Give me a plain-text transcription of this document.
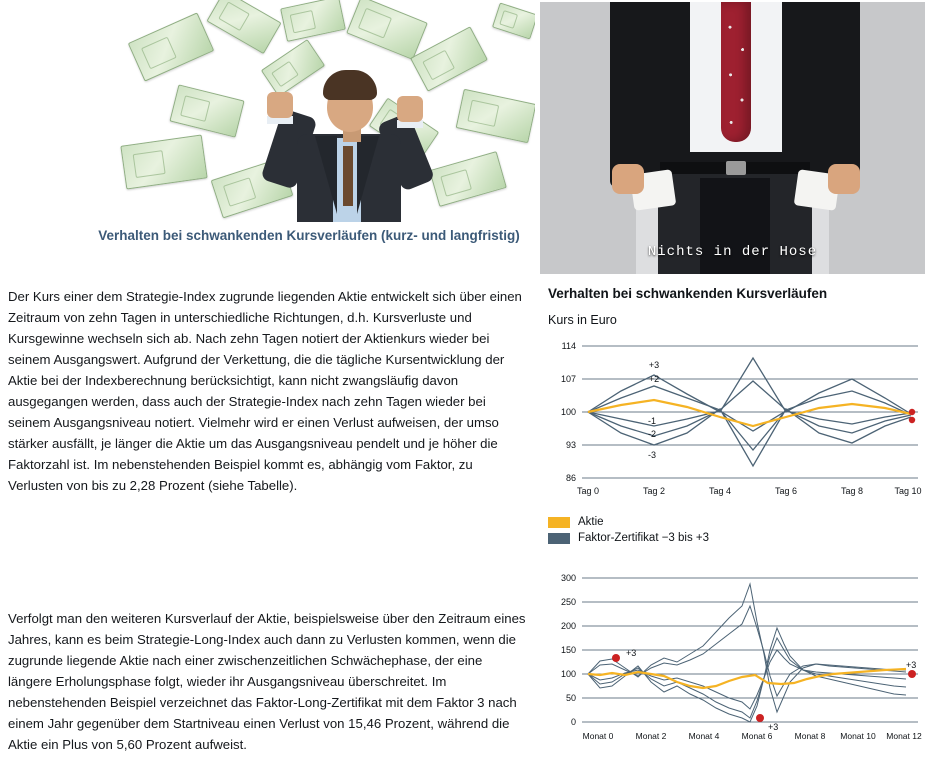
Verhalten bei schwankenden Kursverläufen (kurz- und langfristig)

Der Kurs einer dem Strategie-Index zugrunde liegenden Aktie entwickelt sich über einen Zeitraum von zehn Tagen in unterschiedliche Richtungen, d.h. Kursverluste und Kursgewinne wechseln sich ab. Nach zehn Tagen notiert der Aktienkurs wieder bei seinem Ausgangswert. Aufgrund der Verkettung, die die tägliche Kursentwicklung der Aktie bei der Indexberechnung berücksichtigt, kann nicht zwangsläufig davon ausgegangen werden, dass auch der Strategie-Index nach zehn Tagen wieder bei seinem Ausgangsniveau notiert. Vielmehr wird er einen Verlust aufweisen, der umso stärker ausfällt, je länger die Aktie um das Ausgangsniveau pendelt und je höher die Faktorzahl ist. Im nebenstehenden Beispiel kommt es, abhängig vom Faktor, zu Verlusten von bis zu 2,28 Prozent (siehe Tabelle).

Verfolgt man den weiteren Kursverlauf der Aktie, beispielsweise über den Zeitraum eines Jahres, kann es beim Strategie-Long-Index auch dann zu Verlusten kommen, wenn die zugrunde liegende Aktie nach einer zwischenzeitlichen Schwächephase, der eine längere Erholungsphase folgt, wieder ihr Ausgangsniveau überschreitet. Im nebenstehenden Beispiel verzeichnet das Faktor-Long-Zertifikat mit dem Faktor 3 nach einem Jahr gegenüber dem Startniveau einen Verlust von 15,46 Prozent, während die Aktie ein Plus von 5,60 Prozent aufweist.

Nichts in der Hose
Verhalten bei schwankenden Kursverläufen
Kurs in Euro
114
107
100
93
86
Tag 0	Tag 2	Tag 4	Tag 6	Tag 8	Tag 10
+3
+2
-1
-2
-3
Aktie
Faktor-Zertifikat −3 bis +3
300
250
200
150
100
50
0
Monat 0	Monat 2	Monat 4	Monat 6	Monat 8 Monat 10 Monat 12
+3
+3
+3
